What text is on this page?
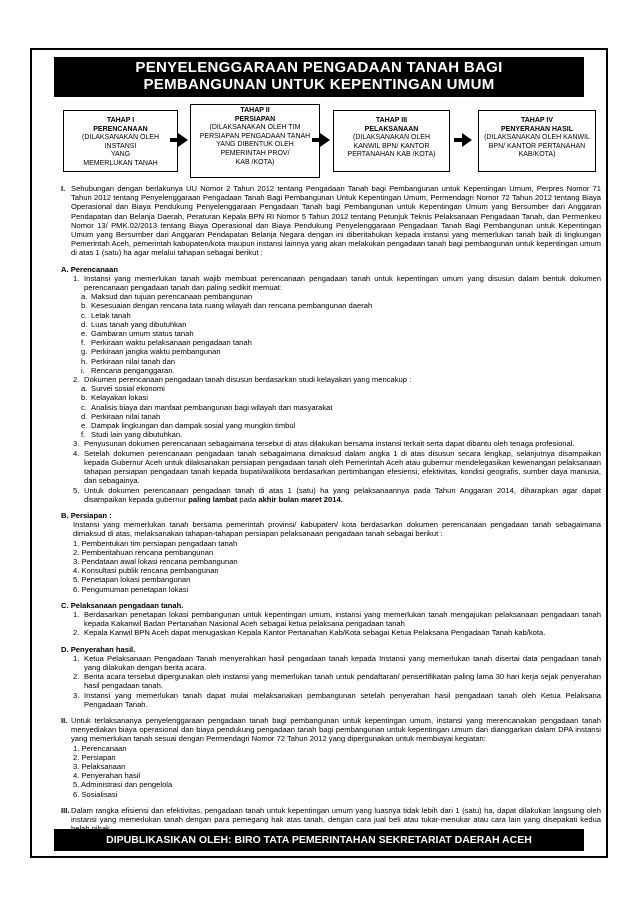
PENYELENGGARAAN PENGADAAN TANAH BAGI
PEMBANGUNAN UNTUK KEPENTINGAN UMUM
TAHAP I
PERENCANAAN
(DILAKSANAKAN OLEH INSTANSI
YANG
MEMERLUKAN TANAH
TAHAP II
PERSIAPAN
(DILAKSANAKAN OLEH TIM
PERSIAPAN PENGADAAN TANAH
YANG DIBENTUK OLEH
PEMERINTAH PROV/
KAB /KOTA)
TAHAP III
PELAKSANAAN
(DILAKSANAKAN OLEH
KANWIL BPN/ KANTOR
PERTANAHAN KAB /KOTA)
TAHAP IV
PENYERAHAN HASIL
(DILAKSANAKAN OLEH KANWIL
BPN/ KANTOR PERTANAHAN
KAB/KOTA)
I. Sehubungan dengan berlakunya UU Nomor 2 Tahun 2012 tentang Pengadaan Tanah bagi Pembangunan untuk Kepentingan Umum, Perpres Nomor 71 Tahun 2012 tentang Penyelenggaraan Pengadaan Tanah Bagi Pembangunan Untuk Kepentingan Umum, Permendagri Nomor 72 Tahun 2012 tentang Biaya Operasional dan Biaya Pendukung Penyelenggaraan Pengadaan Tanah bagi Pembangunan untuk Kepentingan Umum yang Bersumber dari Anggaran Pendapatan dan Belanja Daerah, Peraturan Kepala BPN RI Nomor 5 Tahun 2012 tentang Petunjuk Teknis Pelaksanaan Pengadaan Tanah, dan Permenkeu Nomor 13/ PMK.02/2013 tentang Biaya Operasional dan Biaya Pendukung Penyelenggaraan Pengadaan Tanah Bagi Pembangunan untuk Kepentingan Umum yang Bersumber dari Anggaran Pendapatan Belanja Negara dengan ini diberitahukan kepada instansi yang memerlukan tanah baik di lingkungan Pemerintah Aceh, pemerintah kabupaten/kota maupun instansi lainnya yang akan melakukan pengadaan tanah bagi pembangunan untuk kepentingan umum di atas 1 (satu) ha agar melalui tahapan sebagai berikut :
A. Perencanaan
1. Instansi yang memerlukan tanah wajib membuat perencanaan pengadaan tanah untuk kepentingan umum yang disusun dalam bentuk dokumen perencanaan pengadaan tanah dan paling sedikit memuat:
a. Maksud dan tujuan perencanaan pembangunan
b. Kesesuaian dengan rencana tata ruang wilayah dan rencana pembangunan daerah
c. Letak tanah
d. Luas tanah yang dibutuhkan
e. Gambaran umum status tanah
f. Perkiraan waktu pelaksanaan pengadaan tanah
g. Perkiraan jangka waktu pembangunan
h. Perkiraan nilai tanah dan
i. Rencana penganggaran.
2. Dokumen perencanaan pengadaan tanah disusun berdasarkan studi kelayakan yang mencakup :
a. Survei sosial ekonomi
b. Kelayakan lokasi
c. Analisis biaya dan manfaat pembangunan bagi wilayah dan masyarakat
d. Perkiraan nilai tanah
e. Dampak lingkungan dan dampak sosial yang mungkin timbul
f. Studi lain yang dibutuhkan.
3. Penyusunan dokumen perencanaan sebagaimana tersebut di atas dilakukan bersama instansi terkait serta dapat dibantu oleh tenaga profesional.
4. Setelah dokumen perencanaan pengadaan tanah sebagaimana dimaksud dalam angka 1 di atas disusun secara lengkap, selanjutnya disampaikan kepada Gubernur Aceh untuk dilaksanakan persiapan pengadaan tanah oleh Pemerintah Aceh atau gubernur mendelegasikan kewenangan pelaksanaan tahapan persiapan pengadaan tanah kepada bupati/walikota berdasarkan pertimbangan efesiensi, efektivitas, kondisi geografis, sumber daya manusia, dan sebagainya.
5. Untuk dokumen perencanaan pengadaan tanah di atas 1 (satu) ha yang pelaksanaannya pada Tahun Anggaran 2014, diharapkan agar dapat disampaikan kepada gubernur paling lambat pada akhir bulan maret 2014.
B. Persiapan :
Instansi yang memerlukan tanah bersama pemerintah provinsi/ kabupaten/ kota berdasarkan dokumen perencanaan pengadaan tanah sebagaimana dimaksud di atas, melaksanakan tahapan-tahapan persiapan pelaksanaan pengadaan tanah sebagai berikut :
1. Pembentukan tim persiapan pengadaan tanah
2. Pemberitahuan rencana pembangunan
3. Pendataan awal lokasi rencana pembangunan
4. Konsultasi publik rencana pembangunan
5. Penetapan lokasi pembangunan
6. Pengumuman penetapan lokasi
C. Pelaksanaan pengadaan tanah.
1. Berdasarkan penetapan lokasi pembangunan untuk kepentingan umum, instansi yang memerlukan tanah mengajukan pelaksanaan pengadaan tanah kepada Kakanwil Badan Pertanahan Nasional Aceh sebagai ketua pelaksana pengadaan tanah
2. Kepala Kanwil BPN Aceh dapat menugaskan Kepala Kantor Pertanahan Kab/Kota sebagai Ketua Pelaksana Pengadaan Tanah kab/kota.
D. Penyerahan hasil.
1. Ketua Pelaksanaan Pengadaan Tanah menyerahkan hasil pengadaan tanah kepada Instansi yang memerlukan tanah disertai data pengadaan tanah yang dilakukan dengan berita acara.
2. Berita acara tersebut dipergunakan oleh instansi yang memerlukan tanah untuk pendaftaran/ pensertifikatan paling lama 30 hari kerja sejak penyerahan hasil pengadaan tanah.
3. Instansi yang memerlukan tanah dapat mulai melaksanakan pembangunan setelah penyerahan hasil pengadaan tanah oleh Ketua Pelaksana Pengadaan Tanah.
II. Untuk terlaksananya penyelenggaraan pengadaan tanah bagi pembangunan untuk kepentingan umum, instansi yang merencanakan pengadaan tanah menyediakan biaya operasional dan biaya pendukung pengadaan tanah bagi pembangunan untuk kepentingan umum dan dianggarkan dalam DPA instansi yang memerlukan tanah sesuai dengan Permendagri Nomor 72 Tahun 2012 yang dipergunakan untuk membiayai kegiatan:
1. Perencanaan
2. Persiapan
3. Pelaksanaan
4. Penyerahan hasil
5. Administrasi dan pengelola
6. Sosialisasi
III. Dalam rangka efisiensi dan efektivitas, pengadaan tanah untuk kepentingan umum yang luasnya tidak lebih dari 1 (satu) ha, dapat dilakukan langsung oleh instansi yang memerlukan tanah dengan para pemegang hak atas tanah, dengan cara jual beli atau tukar-menukar atau cara lain yang disepakati kedua
DIPUBLIKASIKAN OLEH: BIRO TATA PEMERINTAHAN SEKRETARIAT DAERAH ACEH
